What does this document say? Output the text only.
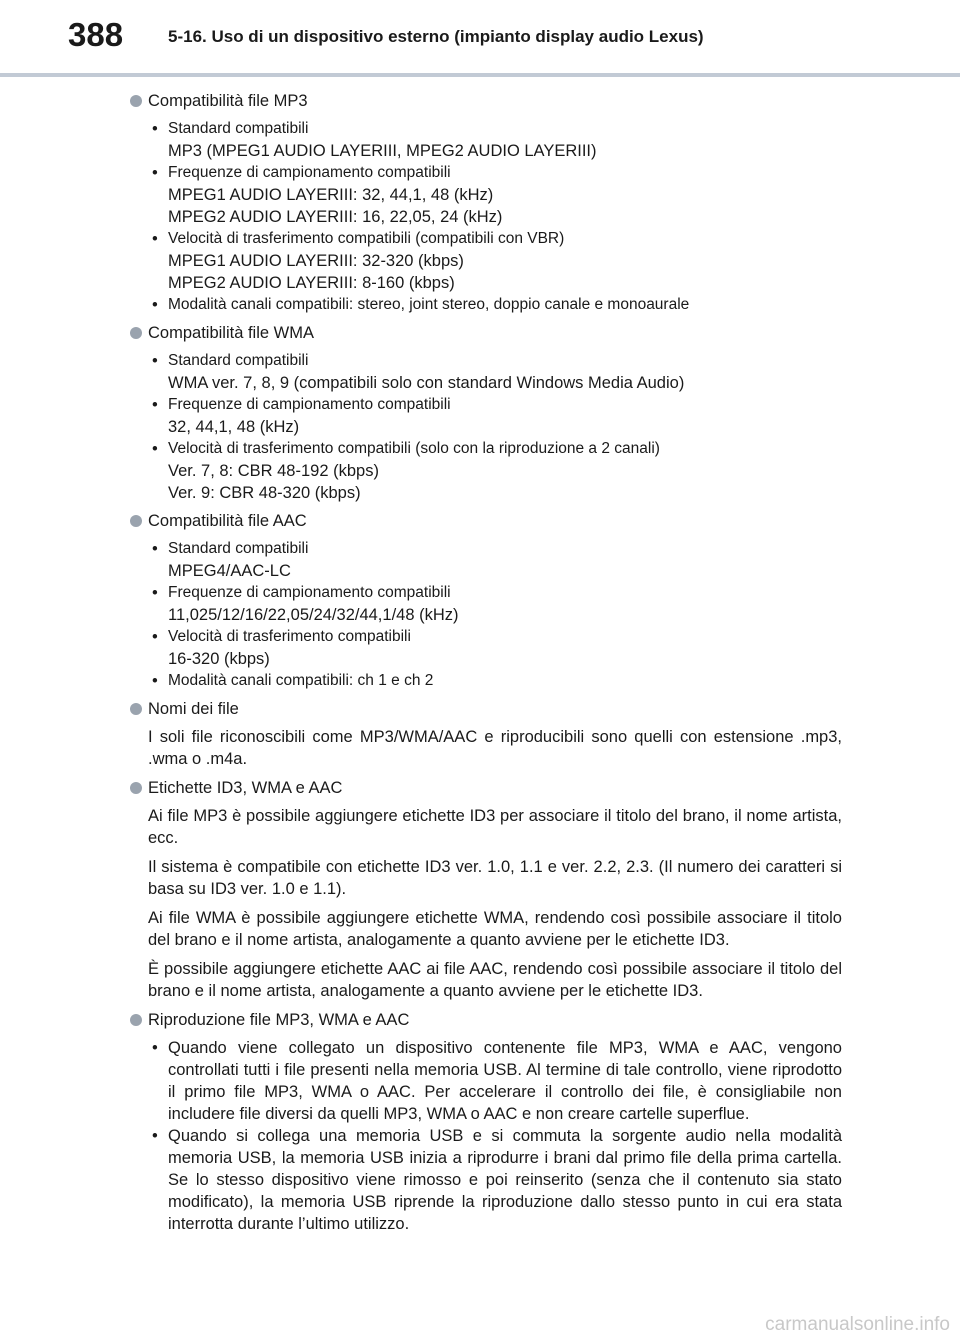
388	5-16. Uso di un dispositivo esterno (impianto display audio Lexus)
Compatibilità file MP3
• Standard compatibili
MP3 (MPEG1 AUDIO LAYERIII, MPEG2 AUDIO LAYERIII)
• Frequenze di campionamento compatibili
MPEG1 AUDIO LAYERIII: 32, 44,1, 48 (kHz)
MPEG2 AUDIO LAYERIII: 16, 22,05, 24 (kHz)
• Velocità di trasferimento compatibili (compatibili con VBR)
MPEG1 AUDIO LAYERIII: 32-320 (kbps)
MPEG2 AUDIO LAYERIII: 8-160 (kbps)
• Modalità canali compatibili: stereo, joint stereo, doppio canale e monoaurale
Compatibilità file WMA
• Standard compatibili
WMA ver. 7, 8, 9 (compatibili solo con standard Windows Media Audio)
• Frequenze di campionamento compatibili
32, 44,1, 48 (kHz)
• Velocità di trasferimento compatibili (solo con la riproduzione a 2 canali)
Ver. 7, 8: CBR 48-192 (kbps)
Ver. 9: CBR 48-320 (kbps)
Compatibilità file AAC
• Standard compatibili
MPEG4/AAC-LC
• Frequenze di campionamento compatibili
11,025/12/16/22,05/24/32/44,1/48 (kHz)
• Velocità di trasferimento compatibili
16-320 (kbps)
• Modalità canali compatibili: ch 1 e ch 2
Nomi dei file
I soli file riconoscibili come MP3/WMA/AAC e riproducibili sono quelli con estensione .mp3, .wma o .m4a.
Etichette ID3, WMA e AAC
Ai file MP3 è possibile aggiungere etichette ID3 per associare il titolo del brano, il nome artista, ecc.
Il sistema è compatibile con etichette ID3 ver. 1.0, 1.1 e ver. 2.2, 2.3. (Il numero dei caratteri si basa su ID3 ver. 1.0 e 1.1).
Ai file WMA è possibile aggiungere etichette WMA, rendendo così possibile associare il titolo del brano e il nome artista, analogamente a quanto avviene per le etichette ID3.
È possibile aggiungere etichette AAC ai file AAC, rendendo così possibile associare il titolo del brano e il nome artista, analogamente a quanto avviene per le etichette ID3.
Riproduzione file MP3, WMA e AAC
• Quando viene collegato un dispositivo contenente file MP3, WMA e AAC, vengono controllati tutti i file presenti nella memoria USB. Al termine di tale controllo, viene riprodotto il primo file MP3, WMA o AAC. Per accelerare il controllo dei file, è consigliabile non includere file diversi da quelli MP3, WMA o AAC e non creare cartelle superflue.
• Quando si collega una memoria USB e si commuta la sorgente audio nella modalità memoria USB, la memoria USB inizia a riprodurre i brani dal primo file della prima cartella. Se lo stesso dispositivo viene rimosso e poi reinserito (senza che il contenuto sia stato modificato), la memoria USB riprende la riproduzione dallo stesso punto in cui era stata interrotta durante l’ultimo utilizzo.
carmanualsonline.info
